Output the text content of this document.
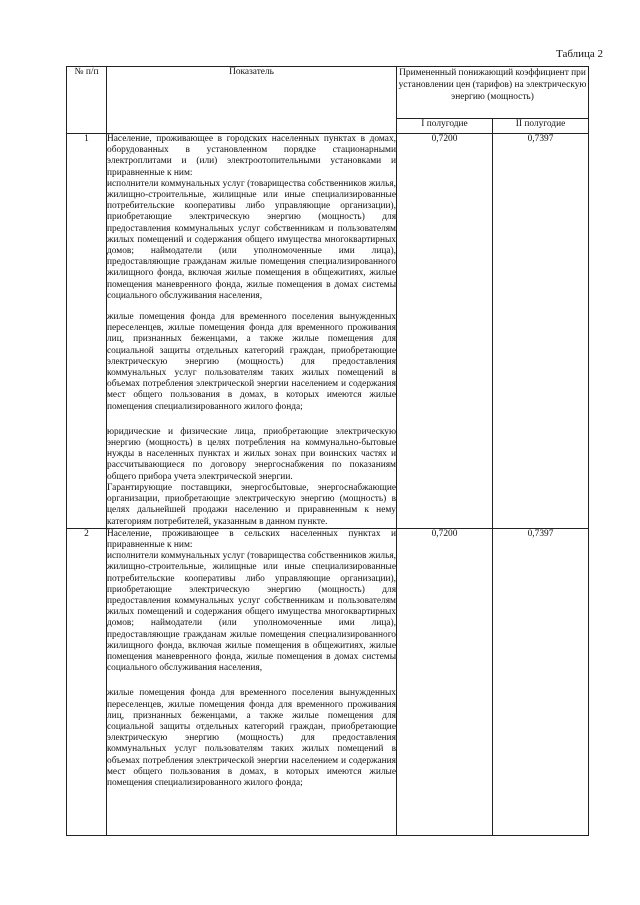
Таблица 2
№ п/п	Показатель	Примененный понижающий коэффициент при установлении цен (тарифов) на электрическую энергию (мощность)	
		I полугодие	II полугодие
1	Население, проживающее в городских населенных пунктах в домах, оборудованных в установленном порядке стационарными электроплитами и (или) электроотопительными установками и приравненные к ним:

исполнители коммунальных услуг (товарищества собственников жилья, жилищно-строительные, жилищные или иные специализированные потребительские кооперативы либо управляющие организации), приобретающие электрическую энергию (мощность) для предоставления коммунальных услуг собственникам и пользователям жилых помещений и содержания общего имущества многоквартирных домов; наймодатели (или уполномоченные ими лица), предоставляющие гражданам жилые помещения специализированного жилищного фонда, включая жилые помещения в общежитиях, жилые помещения маневренного фонда, жилые помещения в домах системы социального обслуживания населения,

жилые помещения фонда для временного поселения вынужденных переселенцев, жилые помещения фонда для временного проживания лиц, признанных беженцами, а также жилые помещения для социальной защиты отдельных категорий граждан, приобретающие электрическую энергию (мощность) для предоставления коммунальных услуг пользователям таких жилых помещений в объемах потребления электрической энергии населением и содержания мест общего пользования в домах, в которых имеются жилые помещения специализированного жилого фонда;

юридические и физические лица, приобретающие электрическую энергию (мощность) в целях потребления на коммунально-бытовые нужды в населенных пунктах и жилых зонах при воинских частях и рассчитывающиеся по договору энергоснабжения по показаниям общего прибора учета электрической энергии.

Гарантирующие поставщики, энергосбытовые, энергоснабжающие организации, приобретающие электрическую энергию (мощность) в целях дальнейшей продажи населению и приравненным к нему категориям потребителей, указанным в данном пункте.	0,7200	0,7397
2	Население, проживающее в сельских населенных пунктах и приравненные к ним:

исполнители коммунальных услуг (товарищества собственников жилья, жилищно-строительные, жилищные или иные специализированные потребительские кооперативы либо управляющие организации), приобретающие электрическую энергию (мощность) для предоставления коммунальных услуг собственникам и пользователям жилых помещений и содержания общего имущества многоквартирных домов; наймодатели (или уполномоченные ими лица), предоставляющие гражданам жилые помещения специализированного жилищного фонда, включая жилые помещения в общежитиях, жилые помещения маневренного фонда, жилые помещения в домах системы социального обслуживания населения,

жилые помещения фонда для временного поселения вынужденных переселенцев, жилые помещения фонда для временного проживания лиц, признанных беженцами, а также жилые помещения для социальной защиты отдельных категорий граждан, приобретающие электрическую энергию (мощность) для предоставления коммунальных услуг пользователям таких жилых помещений в объемах потребления электрической энергии населением и содержания мест общего пользования в домах, в которых имеются жилые помещения специализированного жилого фонда;	0,7200	0,7397
